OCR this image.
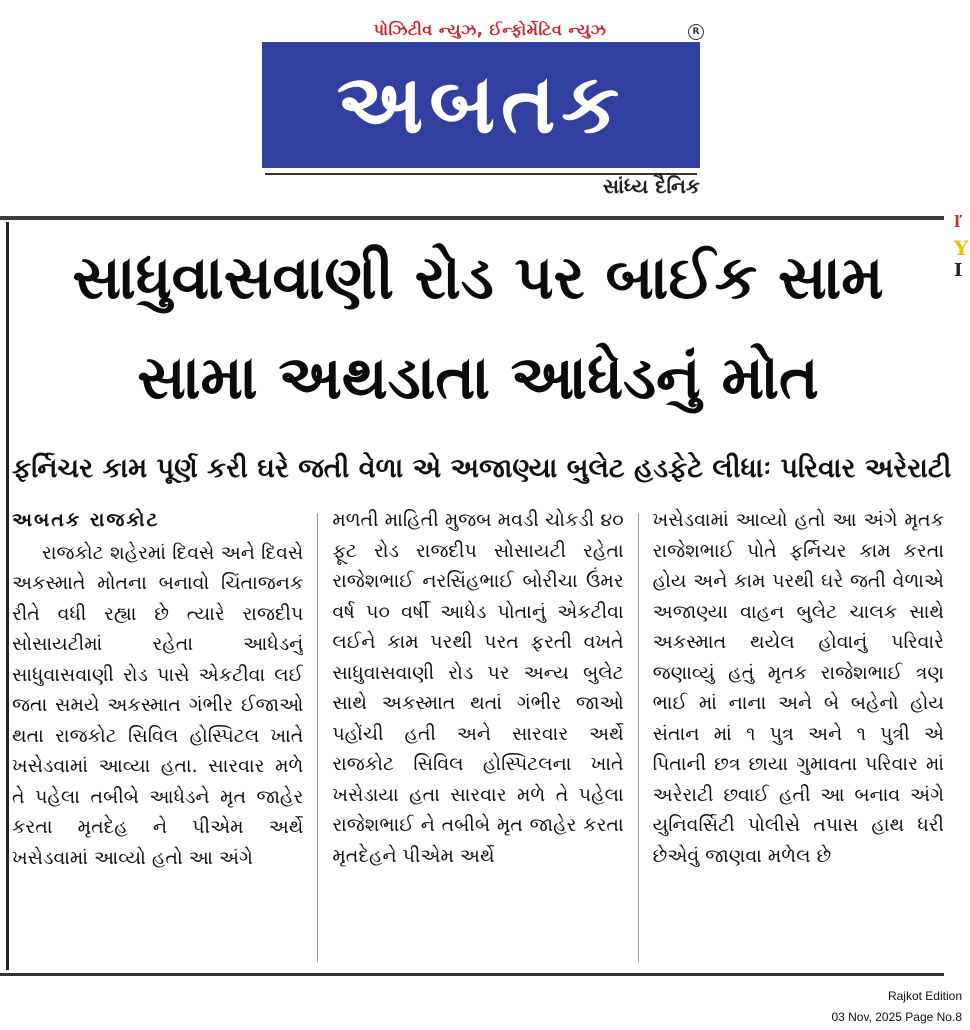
પોઝિટીવ ન્યુઝ, ઈન્ફોર્મેટિવ ન્યુઝ	R
અબતક
સાંધ્ય દૈનિક
ľ
Y
I
સાધુવાસવાણી રોડ પર બાઈક સામ સામા અથડાતા આધેડનું મોત
ફર્નિચર કામ પૂર્ણ કરી ઘરે જતી વેળા એ અજાણ્યા બુલેટ હડફેટે લીધાઃ પરિવાર અરેરાટી
અબતક રાજકોટ

રાજકોટ શહેરમાં દિવસે અને દિવસે અકસ્માતે મોતના બનાવો ચિંતાજનક રીતે વધી રહ્યા છે ત્યારે રાજદીપ સોસાયટીમાં રહેતા આધેડનું સાધુવાસવાણી રોડ પાસે એકટીવા લઈ જતા સમયે અકસ્માત ગંભીર ઈજાઓ થતા રાજકોટ સિવિલ હોસ્પિટલ ખાતે ખસેડવામાં આવ્યા હતા. સારવાર મળે તે પહેલા તબીબે આધેડને મૃત જાહેર કરતા મૃતદેહ ને પીએમ અર્થે ખસેડવામાં આવ્યો હતો આ અંગે

મળતી માહિતી મુજબ મવડી ચોકડી ૪૦ ફૂટ રોડ રાજદીપ સોસાયટી રહેતા રાજેશભાઈ નરસિંહભાઈ બોરીચા ઉંમર વર્ષ ૫૦ વર્ષી આધેડ પોતાનું એકટીવા લઈને કામ પરથી પરત ફરતી વખતે સાધુવાસવાણી રોડ પર અન્ય બુલેટ સાથે અકસ્માત થતાં ગંભીર જાઓ પહોંચી હતી અને સારવાર અર્થે રાજકોટ સિવિલ હોસ્પિટલના ખાતે ખસેડાયા હતા સારવાર મળે તે પહેલા રાજેશભાઈ ને તબીબે મૃત જાહેર કરતા મૃતદેહને પીએમ અર્થે

ખસેડવામાં આવ્યો હતો આ અંગે મૃતક રાજેશભાઈ પોતે ફર્નિચર કામ કરતા હોય અને કામ પરથી ઘરે જતી વેળાએ અજાણ્યા વાહન બુલેટ ચાલક સાથે અકસ્માત થયેલ હોવાનું પરિવારે જણાવ્યું હતું મૃતક રાજેશભાઈ ત્રણ ભાઈ માં નાના અને બે બહેનો હોય સંતાન માં ૧ પુત્ર અને ૧ પુત્રી એ પિતાની છત્ર છાયા ગુમાવતા પરિવાર માં અરેરાટી છવાઈ હતી આ બનાવ અંગે યુનિવર્સિટી પોલીસે તપાસ હાથ ધરી છેએવું જાણવા મળેલ છે

Rajkot Edition
03 Nov, 2025 Page No.8
